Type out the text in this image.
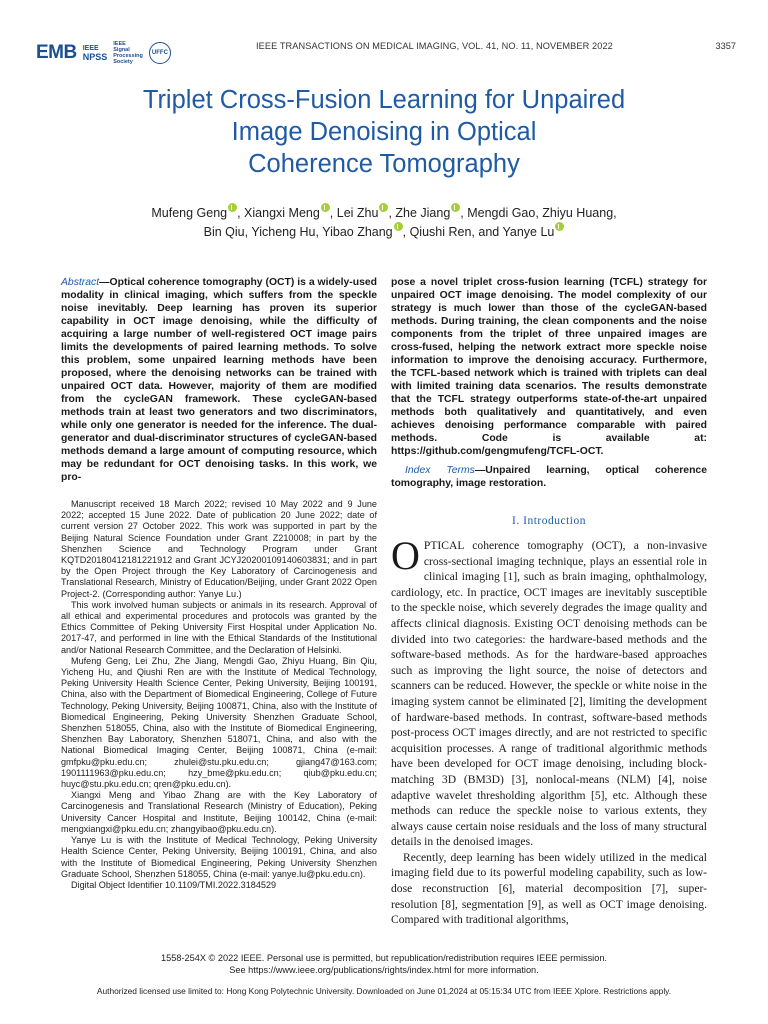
EMB IEEE
NPSS
IEEE
Signal
Processing
Society
UFFC
IEEE TRANSACTIONS ON MEDICAL IMAGING, VOL. 41, NO. 11, NOVEMBER 2022	3357
Triplet Cross-Fusion Learning for Unpaired
Image Denoising in Optical
Coherence Tomography
Mufeng Geng , Xiangxi Meng , Lei Zhu , Zhe Jiang , Mengdi Gao, Zhiyu Huang,
Bin Qiu, Yicheng Hu, Yibao Zhang , Qiushi Ren, and Yanye Lu
Abstract—Optical coherence tomography (OCT) is a widely-used modality in clinical imaging, which suffers from the speckle noise inevitably. Deep learning has proven its superior capability in OCT image denoising, while the difficulty of acquiring a large number of well-registered OCT image pairs limits the developments of paired learning methods. To solve this problem, some unpaired learning methods have been proposed, where the denoising networks can be trained with unpaired OCT data. However, majority of them are modified from the cycleGAN framework. These cycleGAN-based methods train at least two generators and two discriminators, while only one generator is needed for the inference. The dual-generator and dual-discriminator structures of cycleGAN-based methods demand a large amount of computing resource, which may be redundant for OCT denoising tasks. In this work, we pro-
pose a novel triplet cross-fusion learning (TCFL) strategy for unpaired OCT image denoising. The model complexity of our strategy is much lower than those of the cycleGAN-based methods. During training, the clean components and the noise components from the triplet of three unpaired images are cross-fused, helping the network extract more speckle noise information to improve the denoising accuracy. Furthermore, the TCFL-based network which is trained with triplets can deal with limited training data scenarios. The results demonstrate that the TCFL strategy outperforms state-of-the-art unpaired methods both qualitatively and quantitatively, and even achieves denoising performance comparable with paired methods. Code is available at: https://github.com/gengmufeng/TCFL-OCT.
Index Terms—Unpaired learning, optical coherence tomography, image restoration.

Manuscript received 18 March 2022; revised 10 May 2022 and 9 June 2022; accepted 15 June 2022. Date of publication 20 June 2022; date of current version 27 October 2022. This work was supported in part by the Beijing Natural Science Foundation under Grant Z210008; in part by the Shenzhen Science and Technology Program under Grant KQTD20180412181221912 and Grant JCYJ20200109140603831; and in part by the Open Project through the Key Laboratory of Carcinogenesis and Translational Research, Ministry of Education/Beijing, under Grant 2022 Open Project-2. (Corresponding author: Yanye Lu.)

This work involved human subjects or animals in its research. Approval of all ethical and experimental procedures and protocols was granted by the Ethics Committee of Peking University First Hospital under Application No. 2017-47, and performed in line with the Ethical Standards of the Institutional and/or National Research Committee, and the Declaration of Helsinki.

Mufeng Geng, Lei Zhu, Zhe Jiang, Mengdi Gao, Zhiyu Huang, Bin Qiu, Yicheng Hu, and Qiushi Ren are with the Institute of Medical Technology, Peking University Health Science Center, Peking University, Beijing 100191, China, also with the Department of Biomedical Engineering, College of Future Technology, Peking University, Beijing 100871, China, also with the Institute of Biomedical Engineering, Peking University Shenzhen Graduate School, Shenzhen 518055, China, also with the Institute of Biomedical Engineering, Shenzhen Bay Laboratory, Shenzhen 518071, China, and also with the National Biomedical Imaging Center, Beijing 100871, China (e-mail: gmfpku@pku.edu.cn; zhulei@stu.pku.edu.cn; gjiang47@163.com; 1901111963@pku.edu.cn; hzy_bme@pku.edu.cn; qiub@pku.edu.cn; huyc@stu.pku.edu.cn; qren@pku.edu.cn).

Xiangxi Meng and Yibao Zhang are with the Key Laboratory of Carcinogenesis and Translational Research (Ministry of Education), Peking University Cancer Hospital and Institute, Beijing 100142, China (e-mail: mengxiangxi@pku.edu.cn; zhangyibao@pku.edu.cn).

Yanye Lu is with the Institute of Medical Technology, Peking University Health Science Center, Peking University, Beijing 100191, China, and also with the Institute of Biomedical Engineering, Peking University Shenzhen Graduate School, Shenzhen 518055, China (e-mail: yanye.lu@pku.edu.cn).

Digital Object Identifier 10.1109/TMI.2022.3184529

I. Introduction

OPTICAL coherence tomography (OCT), a non-invasive cross-sectional imaging technique, plays an essential role in clinical imaging [1], such as brain imaging, ophthalmology, cardiology, etc. In practice, OCT images are inevitably susceptible to the speckle noise, which severely degrades the image quality and affects clinical diagnosis. Existing OCT denoising methods can be divided into two categories: the hardware-based methods and the software-based methods. As for the hardware-based approaches such as improving the light source, the noise of detectors and scanners can be reduced. However, the speckle or white noise in the imaging system cannot be eliminated [2], limiting the development of hardware-based methods. In contrast, software-based methods post-process OCT images directly, and are not restricted to specific acquisition processes. A range of traditional algorithmic methods have been developed for OCT image denoising, including block-matching 3D (BM3D) [3], nonlocal-means (NLM) [4], noise adaptive wavelet thresholding algorithm [5], etc. Although these methods can reduce the speckle noise to various extents, they always cause certain noise residuals and the loss of many structural details in the denoised images.

Recently, deep learning has been widely utilized in the medical imaging field due to its powerful modeling capability, such as low-dose reconstruction [6], material decomposition [7], super-resolution [8], segmentation [9], as well as OCT image denoising. Compared with traditional algorithms,

1558-254X © 2022 IEEE. Personal use is permitted, but republication/redistribution requires IEEE permission.
See https://www.ieee.org/publications/rights/index.html for more information.
Authorized licensed use limited to: Hong Kong Polytechnic University. Downloaded on June 01,2024 at 05:15:34 UTC from IEEE Xplore. Restrictions apply.
